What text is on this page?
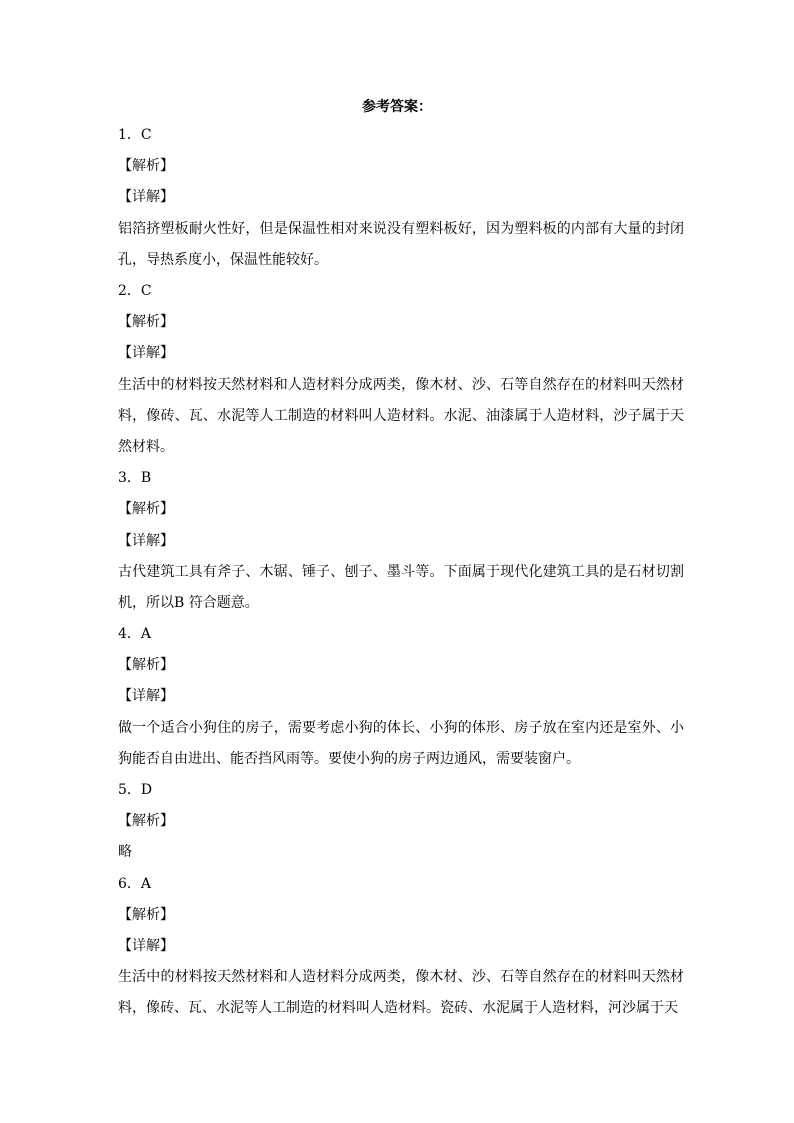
参考答案：
1．C
【解析】
【详解】
铝箔挤塑板耐火性好，但是保温性相对来说没有塑料板好，因为塑料板的内部有大量的封闭孔，导热系度小，保温性能较好。
2．C
【解析】
【详解】
生活中的材料按天然材料和人造材料分成两类，像木材、沙、石等自然存在的材料叫天然材料，像砖、瓦、水泥等人工制造的材料叫人造材料。水泥、油漆属于人造材料，沙子属于天然材料。
3．B
【解析】
【详解】
古代建筑工具有斧子、木锯、锤子、刨子、墨斗等。下面属于现代化建筑工具的是石材切割机，所以B 符合题意。
4．A
【解析】
【详解】
做一个适合小狗住的房子，需要考虑小狗的体长、小狗的体形、房子放在室内还是室外、小狗能否自由进出、能否挡风雨等。要使小狗的房子两边通风，需要装窗户。
5．D
【解析】
略
6．A
【解析】
【详解】
生活中的材料按天然材料和人造材料分成两类，像木材、沙、石等自然存在的材料叫天然材料，像砖、瓦、水泥等人工制造的材料叫人造材料。瓷砖、水泥属于人造材料，河沙属于天
